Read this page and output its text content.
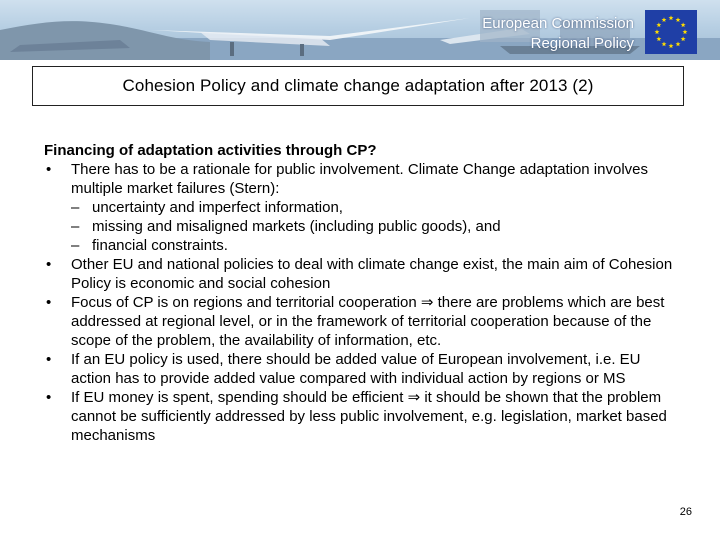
European Commission
Regional Policy
Cohesion Policy and climate change adaptation after 2013 (2)
Financing of adaptation activities through CP?
• There has to be a rationale for public involvement. Climate Change adaptation involves multiple market failures (Stern):
– uncertainty and imperfect information,
– missing and misaligned markets (including public goods), and
– financial constraints.
• Other EU and national policies to deal with climate change exist, the main aim of Cohesion Policy is economic and social cohesion
• Focus of CP is on regions and territorial cooperation ⇒ there are problems which are best addressed at regional level, or in the framework of territorial cooperation because of the scope of the problem, the availability of information, etc.
• If an EU policy is used, there should be added value of European involvement, i.e. EU action has to provide added value compared with individual action by regions or MS
• If EU money is spent, spending should be efficient ⇒ it should be shown that the problem cannot be sufficiently addressed by less public involvement, e.g. legislation, market based mechanisms
26
